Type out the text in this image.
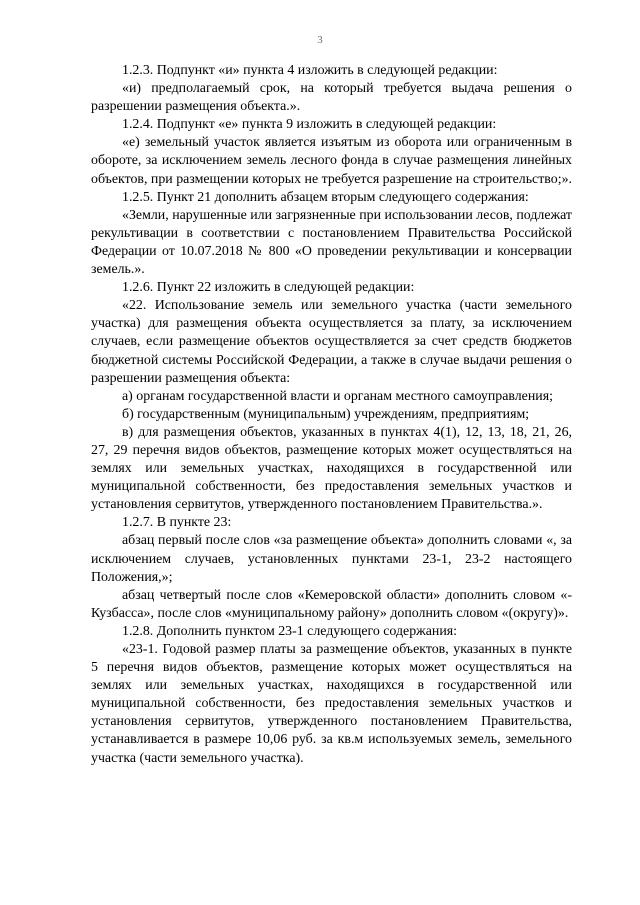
3

1.2.3. Подпункт «и» пункта 4 изложить в следующей редакции:

«и) предполагаемый срок, на который требуется выдача решения о разрешении размещения объекта.».

1.2.4. Подпункт «е» пункта 9 изложить в следующей редакции:

«е) земельный участок является изъятым из оборота или ограниченным в обороте, за исключением земель лесного фонда в случае размещения линейных объектов, при размещении которых не требуется разрешение на строительство;».

1.2.5. Пункт 21 дополнить абзацем вторым следующего содержания:

«Земли, нарушенные или загрязненные при использовании лесов, подлежат рекультивации в соответствии с постановлением Правительства Российской Федерации от 10.07.2018 № 800 «О проведении рекультивации и консервации земель.».

1.2.6. Пункт 22 изложить в следующей редакции:

«22. Использование земель или земельного участка (части земельного участка) для размещения объекта осуществляется за плату, за исключением случаев, если размещение объектов осуществляется за счет средств бюджетов бюджетной системы Российской Федерации, а также в случае выдачи решения о разрешении размещения объекта:

а) органам государственной власти и органам местного самоуправления;

б) государственным (муниципальным) учреждениям, предприятиям;

в) для размещения объектов, указанных в пунктах 4(1), 12, 13, 18, 21, 26, 27, 29 перечня видов объектов, размещение которых может осуществляться на землях или земельных участках, находящихся в государственной или муниципальной собственности, без предоставления земельных участков и установления сервитутов, утвержденного постановлением Правительства.».

1.2.7. В пункте 23:

абзац первый после слов «за размещение объекта» дополнить словами «, за исключением случаев, установленных пунктами 23-1, 23-2 настоящего Положения,»;

абзац четвертый после слов «Кемеровской области» дополнить словом «- Кузбасса», после слов «муниципальному району» дополнить словом «(округу)».

1.2.8. Дополнить пунктом 23-1 следующего содержания:

«23-1. Годовой размер платы за размещение объектов, указанных в пункте 5 перечня видов объектов, размещение которых может осуществляться на землях или земельных участках, находящихся в государственной или муниципальной собственности, без предоставления земельных участков и установления сервитутов, утвержденного постановлением Правительства, устанавливается в размере 10,06 руб. за кв.м используемых земель, земельного участка (части земельного участка).
